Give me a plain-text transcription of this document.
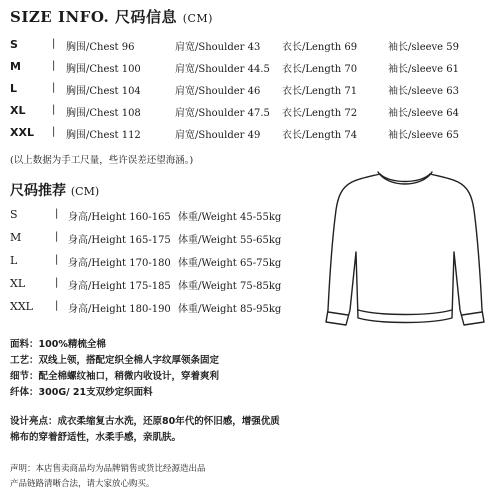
SIZE INFO. 尺码信息 (CM)
S	| 胸围/Chest 96	肩宽/Shoulder 43 衣长/Length 69	袖长/sleeve 59
M	| 胸围/Chest 100	肩宽/Shoulder 44.5 衣长/Length 70	袖长/sleeve 61
L	| 胸围/Chest 104	肩宽/Shoulder 46 衣长/Length 71	袖长/sleeve 63
XL	| 胸围/Chest 108	肩宽/Shoulder 47.5 衣长/Length 72	袖长/sleeve 64
XXL | 胸围/Chest 112	肩宽/Shoulder 49 衣长/Length 74	袖长/sleeve 65
(以上数据为手工尺量，些许误差还望海涵。)
尺码推荐 (CM)
S	| 身高/Height 160-165 体重/Weight 45-55kg
M	| 身高/Height 165-175 体重/Weight 55-65kg
L	| 身高/Height 170-180 体重/Weight 65-75kg
XL	| 身高/Height 175-185 体重/Weight 75-85kg
XXL | 身高/Height 180-190 体重/Weight 85-95kg
面料：100%精梳全棉
工艺：双线上领，搭配定织全棉人字纹厚领条固定
细节：配全棉螺纹袖口，稍微内收设计，穿着爽利
纤体：300G/ 21支双纱定织面料
设计亮点：成衣柔缩复古水洗，还原80年代的怀旧感，增强优质
棉布的穿着舒适性，水柔手感，亲肌肤。
声明：本店售卖商品均为品牌销售或货比经源造出品
产品链路清晰合法，请大家放心购买。
